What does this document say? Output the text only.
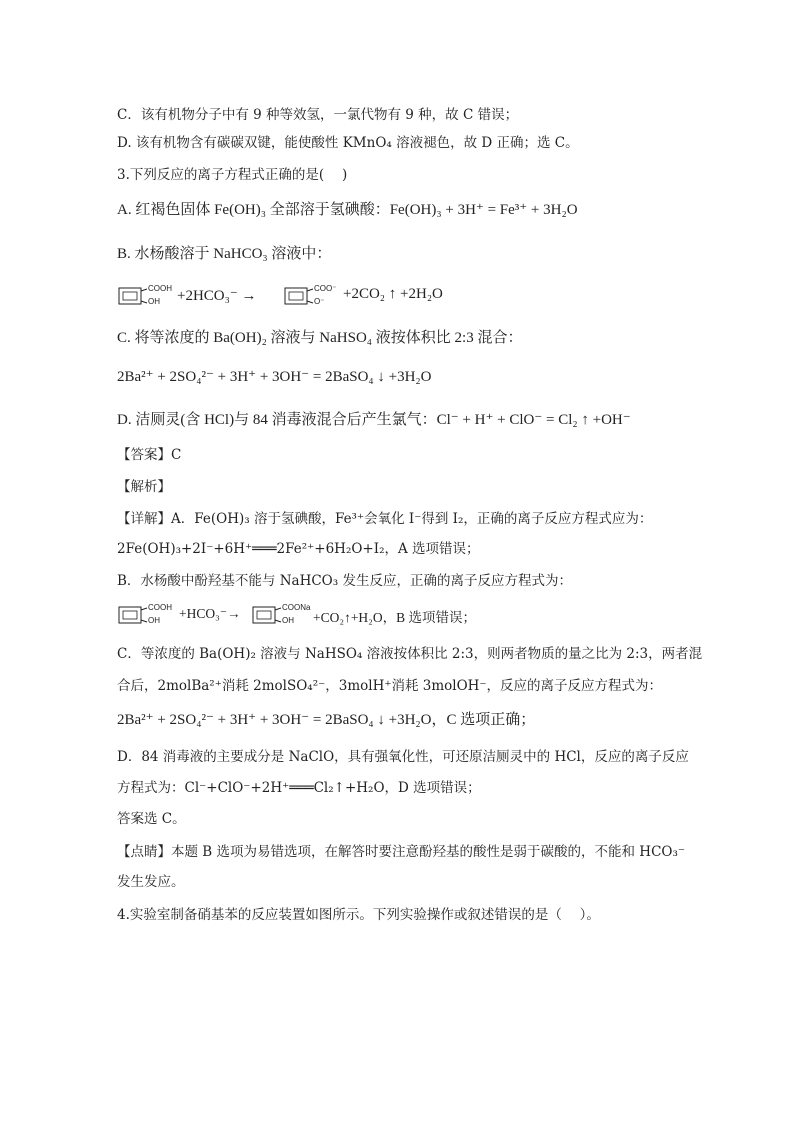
C．该有机物分子中有 9 种等效氢，一氯代物有 9 种，故 C 错误；
D. 该有机物含有碳碳双键，能使酸性 KMnO₄ 溶液褪色，故 D 正确；选 C。
3.下列反应的离子方程式正确的是(　 )
A. 红褐色固体 Fe(OH)₃ 全部溶于氢碘酸：Fe(OH)₃ + 3H⁺ = Fe³⁺ + 3H₂O
B. 水杨酸溶于 NaHCO₃ 溶液中：
COOH
OH +2HCO₃⁻ →	COO⁻
O⁻ +2CO₂ ↑ +2H₂O
C. 将等浓度的 Ba(OH)₂ 溶液与 NaHSO₄ 液按体积比 2:3 混合：
2Ba²⁺ + 2SO₄²⁻ + 3H⁺ + 3OH⁻ = 2BaSO₄ ↓ +3H₂O
D. 洁厕灵(含 HCl)与 84 消毒液混合后产生氯气：Cl⁻ + H⁺ + ClO⁻ = Cl₂ ↑ +OH⁻
【答案】C
【解析】
【详解】A．Fe(OH)₃ 溶于氢碘酸，Fe³⁺会氧化 I⁻得到 I₂，正确的离子反应方程式应为：
2Fe(OH)₃+2I⁻+6H⁺═══2Fe²⁺+6H₂O+I₂，A 选项错误；
B．水杨酸中酚羟基不能与 NaHCO₃ 发生反应，正确的离子反应方程式为：
COOH
OH +HCO₃⁻→	COONa
OH +CO₂↑+H₂O，B 选项错误；
C．等浓度的 Ba(OH)₂ 溶液与 NaHSO₄ 溶液按体积比 2:3，则两者物质的量之比为 2:3，两者混
合后，2molBa²⁺消耗 2molSO₄²⁻，3molH⁺消耗 3molOH⁻，反应的离子反应方程式为：
2Ba²⁺ + 2SO₄²⁻ + 3H⁺ + 3OH⁻ = 2BaSO₄ ↓ +3H₂O，C 选项正确；
D．84 消毒液的主要成分是 NaClO，具有强氧化性，可还原洁厕灵中的 HCl，反应的离子反应
方程式为：Cl⁻+ClO⁻+2H⁺═══Cl₂↑+H₂O，D 选项错误；
答案选 C。
【点睛】本题 B 选项为易错选项，在解答时要注意酚羟基的酸性是弱于碳酸的，不能和 HCO₃⁻
发生发应。
4.实验室制备硝基苯的反应装置如图所示。下列实验操作或叙述错误的是（　 ）。
